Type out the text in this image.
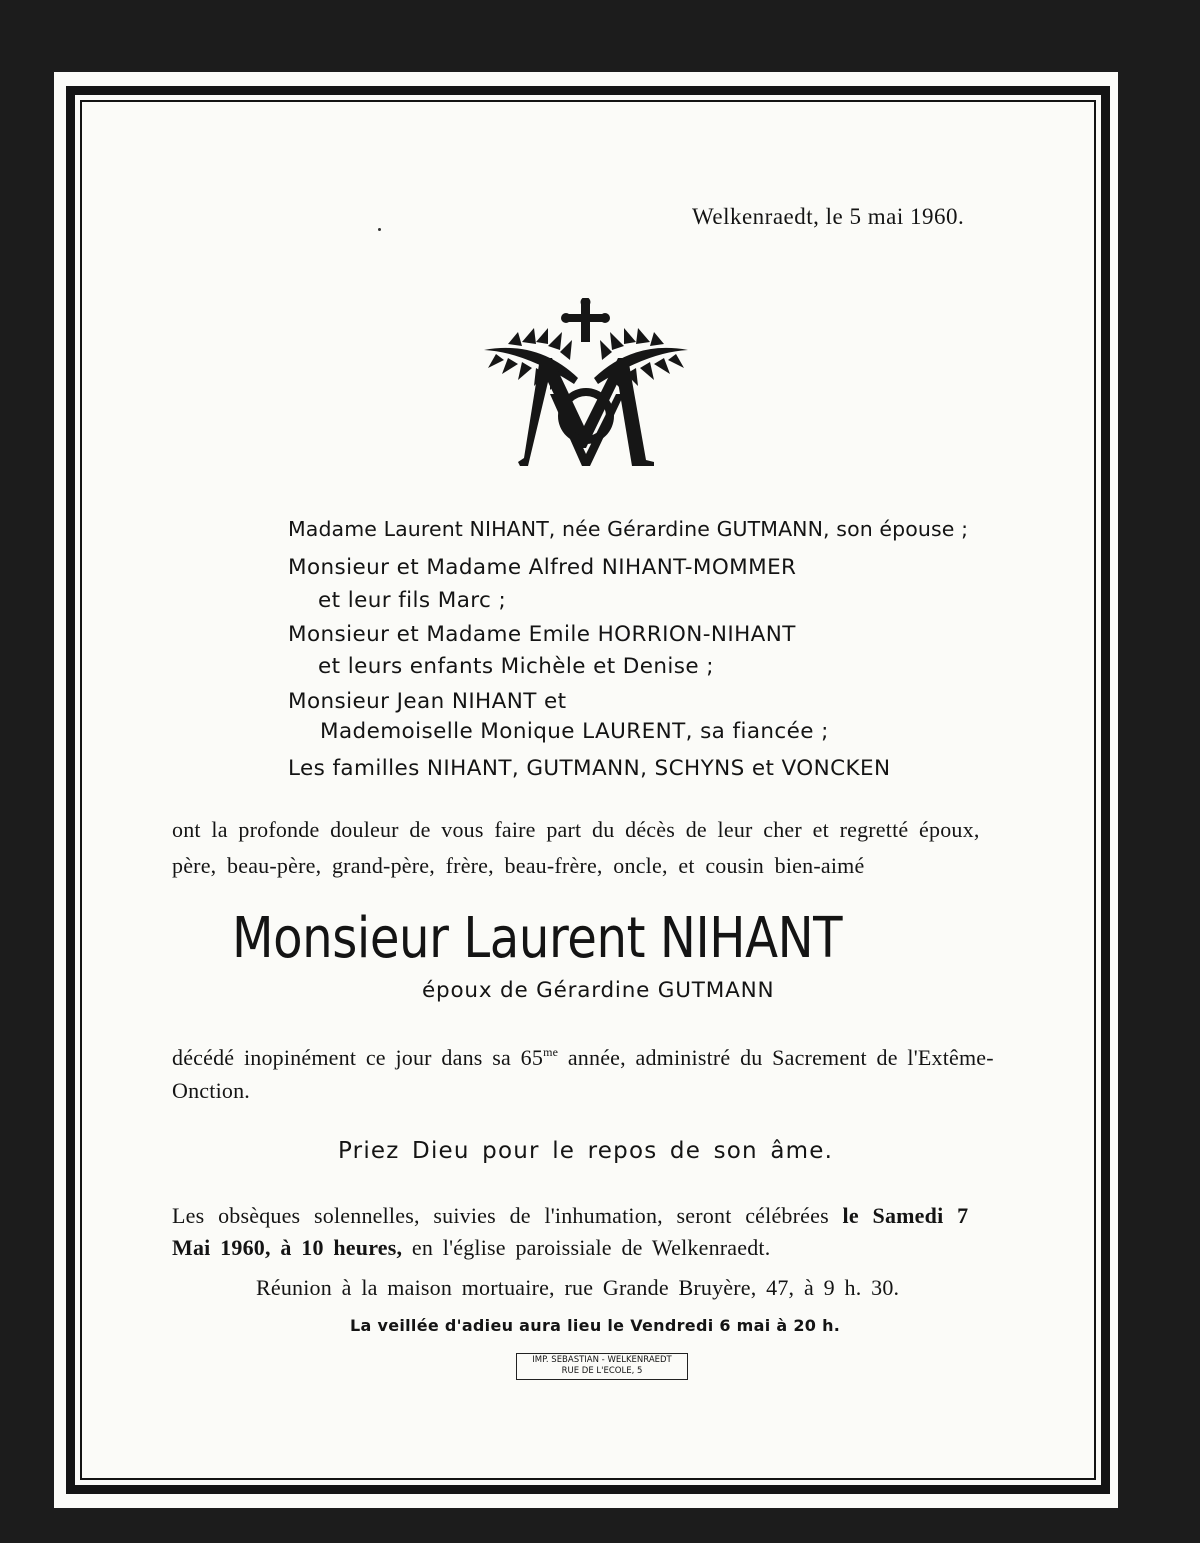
Welkenraedt, le 5 mai 1960.
Madame Laurent NIHANT, née Gérardine GUTMANN, son épouse ;
Monsieur et Madame Alfred NIHANT-MOMMER
et leur fils Marc ;
Monsieur et Madame Emile HORRION-NIHANT
et leurs enfants Michèle et Denise ;
Monsieur Jean NIHANT et
Mademoiselle Monique LAURENT, sa fiancée ;
Les familles NIHANT, GUTMANN, SCHYNS et VONCKEN
ont la profonde douleur de vous faire part du décès de leur cher et regretté époux,
père, beau-père, grand-père, frère, beau-frère, oncle, et cousin bien-aimé
Monsieur Laurent NIHANT
époux de Gérardine GUTMANN
décédé inopinément ce jour dans sa $65^{me}$ année, administré du Sacrement de l'Extême-
Onction.
Priez Dieu pour le repos de son âme.
Les obsèques solennelles, suivies de l'inhumation, seront célébrées le Samedi 7
Mai 1960, à 10 heures, en l'église paroissiale de Welkenraedt.
Réunion à la maison mortuaire, rue Grande Bruyère, 47, à 9 h. 30.
La veillée d'adieu aura lieu le Vendredi 6 mai à 20 h.
IMP. SEBASTIAN - WELKENRAEDT
RUE DE L'ECOLE, 5
